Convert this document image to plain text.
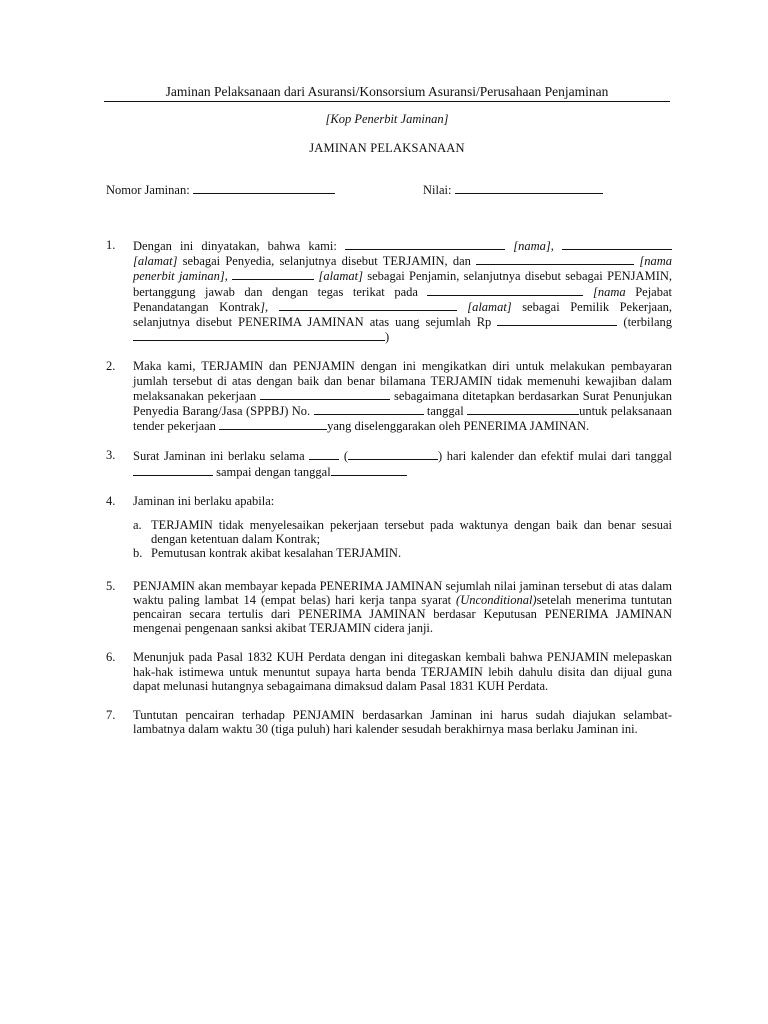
Jaminan Pelaksanaan dari Asuransi/Konsorsium Asuransi/Perusahaan Penjaminan
[Kop Penerbit Jaminan]
JAMINAN PELAKSANAAN
Nomor Jaminan:	Nilai:
1. Dengan ini dinyatakan, bahwa kami:	[nama],  [alamat] sebagai Penyedia, selanjutnya disebut TERJAMIN, dan	[nama penerbit jaminan],	[alamat] sebagai Penjamin, selanjutnya disebut sebagai PENJAMIN, bertanggung jawab dan dengan tegas terikat pada	[nama Pejabat Penandatangan Kontrak],	[alamat] sebagai Pemilik Pekerjaan, selanjutnya disebut PENERIMA JAMINAN atas uang sejumlah Rp	(terbilang )
2. Maka kami, TERJAMIN dan PENJAMIN dengan ini mengikatkan diri untuk melakukan pembayaran jumlah tersebut di atas dengan baik dan benar bilamana TERJAMIN tidak memenuhi kewajiban dalam melaksanakan pekerjaan	sebagaimana ditetapkan berdasarkan Surat Penunjukan Penyedia Barang/Jasa (SPPBJ) No.	tanggal	untuk pelaksanaan tender pekerjaan	yang diselenggarakan oleh PENERIMA JAMINAN.
3. Surat Jaminan ini berlaku selama  (	) hari kalender dan efektif mulai dari tanggal  sampai dengan tanggal
4. Jaminan ini berlaku apabila:
a. TERJAMIN tidak menyelesaikan pekerjaan tersebut pada waktunya dengan baik dan benar sesuai dengan ketentuan dalam Kontrak;
b. Pemutusan kontrak akibat kesalahan TERJAMIN.
5. PENJAMIN akan membayar kepada PENERIMA JAMINAN sejumlah nilai jaminan tersebut di atas dalam waktu paling lambat 14 (empat belas) hari kerja tanpa syarat (Unconditional)setelah menerima tuntutan pencairan secara tertulis dari PENERIMA JAMINAN berdasar Keputusan PENERIMA JAMINAN mengenai pengenaan sanksi akibat TERJAMIN cidera janji.
6. Menunjuk pada Pasal 1832 KUH Perdata dengan ini ditegaskan kembali bahwa PENJAMIN melepaskan hak-hak istimewa untuk menuntut supaya harta benda TERJAMIN lebih dahulu disita dan dijual guna dapat melunasi hutangnya sebagaimana dimaksud dalam Pasal 1831 KUH Perdata.
7. Tuntutan pencairan terhadap PENJAMIN berdasarkan Jaminan ini harus sudah diajukan selambat-lambatnya dalam waktu 30 (tiga puluh) hari kalender sesudah berakhirnya masa berlaku Jaminan ini.
